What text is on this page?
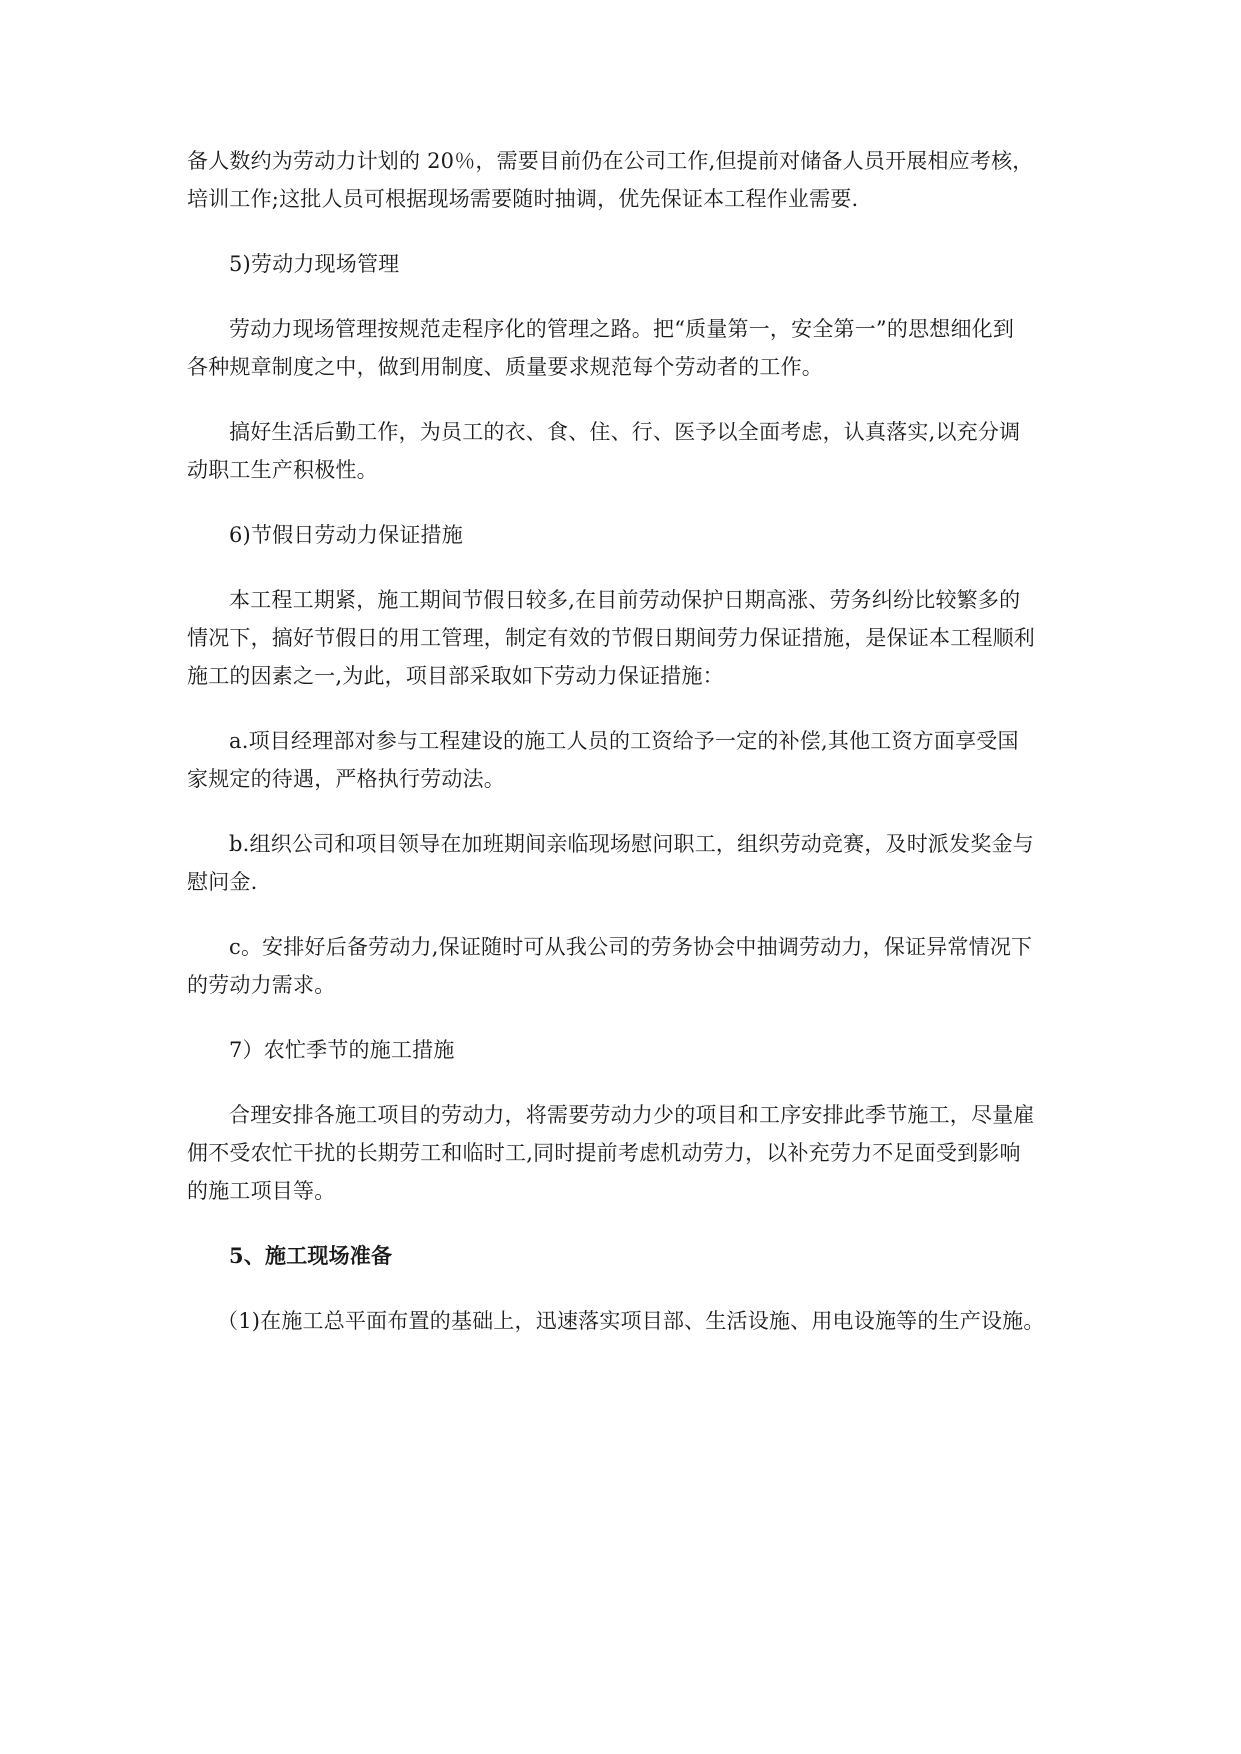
备人数约为劳动力计划的 20％，需要目前仍在公司工作,但提前对储备人员开展相应考核，
培训工作;这批人员可根据现场需要随时抽调，优先保证本工程作业需要.
5)劳动力现场管理
劳动力现场管理按规范走程序化的管理之路。把“质量第一，安全第一”的思想细化到
各种规章制度之中，做到用制度、质量要求规范每个劳动者的工作。
搞好生活后勤工作，为员工的衣、食、住、行、医予以全面考虑，认真落实,以充分调
动职工生产积极性。
6)节假日劳动力保证措施
本工程工期紧，施工期间节假日较多,在目前劳动保护日期高涨、劳务纠纷比较繁多的
情况下，搞好节假日的用工管理，制定有效的节假日期间劳力保证措施，是保证本工程顺利
施工的因素之一,为此，项目部采取如下劳动力保证措施：
a.项目经理部对参与工程建设的施工人员的工资给予一定的补偿,其他工资方面享受国
家规定的待遇，严格执行劳动法。
b.组织公司和项目领导在加班期间亲临现场慰问职工，组织劳动竞赛，及时派发奖金与
慰问金.
c。安排好后备劳动力,保证随时可从我公司的劳务协会中抽调劳动力，保证异常情况下
的劳动力需求。
7）农忙季节的施工措施
合理安排各施工项目的劳动力，将需要劳动力少的项目和工序安排此季节施工，尽量雇
佣不受农忙干扰的长期劳工和临时工,同时提前考虑机动劳力，以补充劳力不足面受到影响
的施工项目等。
5、施工现场准备
（1)在施工总平面布置的基础上，迅速落实项目部、生活设施、用电设施等的生产设施。
